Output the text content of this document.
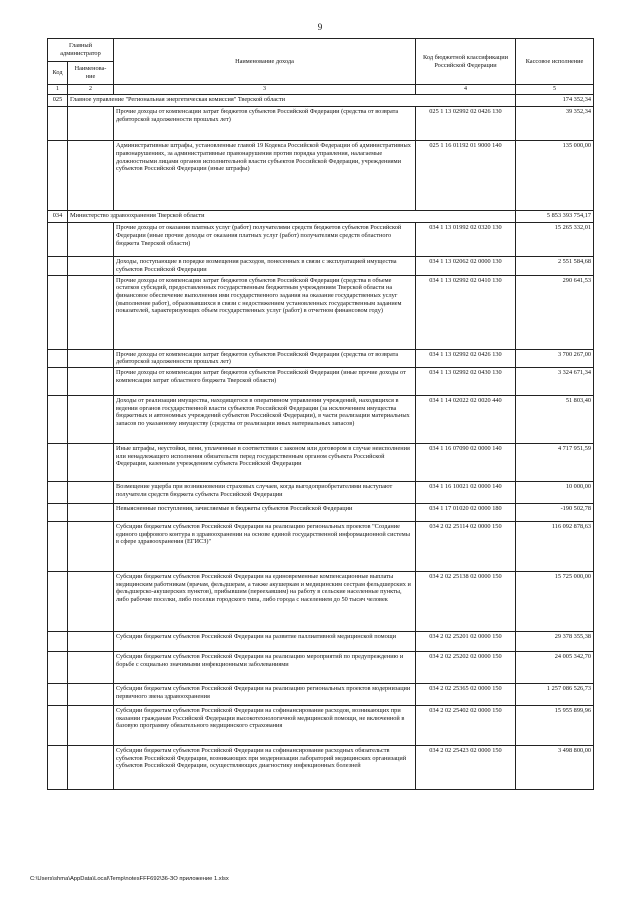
9
Главный администратор		Наименование дохода	Код бюджетной классификации Российской Федерации	Кассовое исполнение
Код	Наименова- ние			
1	2	3	4	5
025	Главное управление "Региональная энергетическая комиссия" Тверской области			174 352,34
		Прочие доходы от компенсации затрат бюджетов субъектов Российской Федерации (средства от возврата дебиторской задолженности прошлых лет)	025 1 13 02992 02 0426 130	39 352,34
		Административные штрафы, установленные главой 19 Кодекса Российской Федерации об административных правонарушениях, за административные правонарушения против порядка управления, налагаемые должностными лицами органов исполнительной власти субъектов Российской Федерации, учреждениями субъектов Российской Федерации (иные штрафы)	025 1 16 01192 01 9000 140	135 000,00
034	Министерство здравоохранения Тверской области			5 853 393 754,17
		Прочие доходы от оказания платных услуг (работ) получателями средств бюджетов субъектов Российской Федерации (иные прочие доходы от оказания платных услуг (работ) получателями средств областного бюджета Тверской области)	034 1 13 01992 02 0320 130	15 265 332,01
		Доходы, поступающие в порядке возмещения расходов, понесенных в связи с эксплуатацией имущества субъектов Российской Федерации	034 1 13 02062 02 0000 130	2 551 584,68
		Прочие доходы от компенсации затрат бюджетов субъектов Российской Федерации (средства в объеме остатков субсидий, предоставленных государственным бюджетным учреждениям Тверской области на финансовое обеспечение выполнения ими государственного задания на оказание государственных услуг (выполнение работ), образовавшихся в связи с недостижением установленных государственным заданием показателей, характеризующих объем государственных услуг (работ) в отчетном финансовом году)	034 1 13 02992 02 0410 130	290 641,53
		Прочие доходы от компенсации затрат бюджетов субъектов Российской Федерации (средства от возврата дебиторской задолженности прошлых лет)	034 1 13 02992 02 0426 130	3 700 267,00
		Прочие доходы от компенсации затрат бюджетов субъектов Российской Федерации (иные прочие доходы от компенсации затрат областного бюджета Тверской области)	034 1 13 02992 02 0430 130	3 324 671,34
		Доходы от реализации имущества, находящегося в оперативном управлении учреждений, находящихся в ведении органов государственной власти субъектов Российской Федерации (за исключением имущества бюджетных и автономных учреждений субъектов Российской Федерации), в части реализации материальных запасов по указанному имуществу (средства от реализации иных материальных запасов)	034 1 14 02022 02 0020 440	51 803,40
		Иные штрафы, неустойки, пени, уплаченные в соответствии с законом или договором в случае неисполнения или ненадлежащего исполнения обязательств перед государственным органом субъекта Российской Федерации, казенным учреждением субъекта Российской Федерации	034 1 16 07090 02 0000 140	4 717 951,59
		Возмещение ущерба при возникновении страховых случаев, когда выгодоприобретателями выступают получатели средств бюджета субъекта Российской Федерации	034 1 16 10021 02 0000 140	10 000,00
		Невыясненные поступления, зачисляемые в бюджеты субъектов Российской Федерации	034 1 17 01020 02 0000 180	-190 502,78
		Субсидии бюджетам субъектов Российской Федерации на реализацию региональных проектов "Создание единого цифрового контура в здравоохранении на основе единой государственной информационной системы в сфере здравоохранения (ЕГИСЗ)"	034 2 02 25114 02 0000 150	116 092 878,63
		Субсидии бюджетам субъектов Российской Федерации на единовременные компенсационные выплаты медицинским работникам (врачам, фельдшерам, а также акушеркам и медицинским сестрам фельдшерских и фельдшерско-акушерских пунктов), прибывшим (переехавшим) на работу в сельские населенные пункты, либо рабочие поселки, либо поселки городского типа, либо города с населением до 50 тысяч человек	034 2 02 25138 02 0000 150	15 725 000,00
		Субсидии бюджетам субъектов Российской Федерации на развитие паллиативной медицинской помощи	034 2 02 25201 02 0000 150	29 378 355,38
		Субсидии бюджетам субъектов Российской Федерации на реализацию мероприятий по предупреждению и борьбе с социально значимыми инфекционными заболеваниями	034 2 02 25202 02 0000 150	24 005 342,70
		Субсидии бюджетам субъектов Российской Федерации на реализацию региональных проектов модернизации первичного звена здравоохранения	034 2 02 25365 02 0000 150	1 257 086 526,73
		Субсидии бюджетам субъектов Российской Федерации на софинансирование расходов, возникающих при оказании гражданам Российской Федерации высокотехнологичной медицинской помощи, не включенной в базовую программу обязательного медицинского страхования	034 2 02 25402 02 0000 150	15 955 899,96
		Субсидии бюджетам субъектов Российской Федерации на софинансирование расходных обязательств субъектов Российской Федерации, возникающих при модернизации лабораторий медицинских организаций субъектов Российской Федерации, осуществляющих диагностику инфекционных болезней	034 2 02 25423 02 0000 150	3 498 800,00
C:\Users\shma\AppData\Local\Temp\notesFFF692\36-ЗО приложение 1.xlsx
